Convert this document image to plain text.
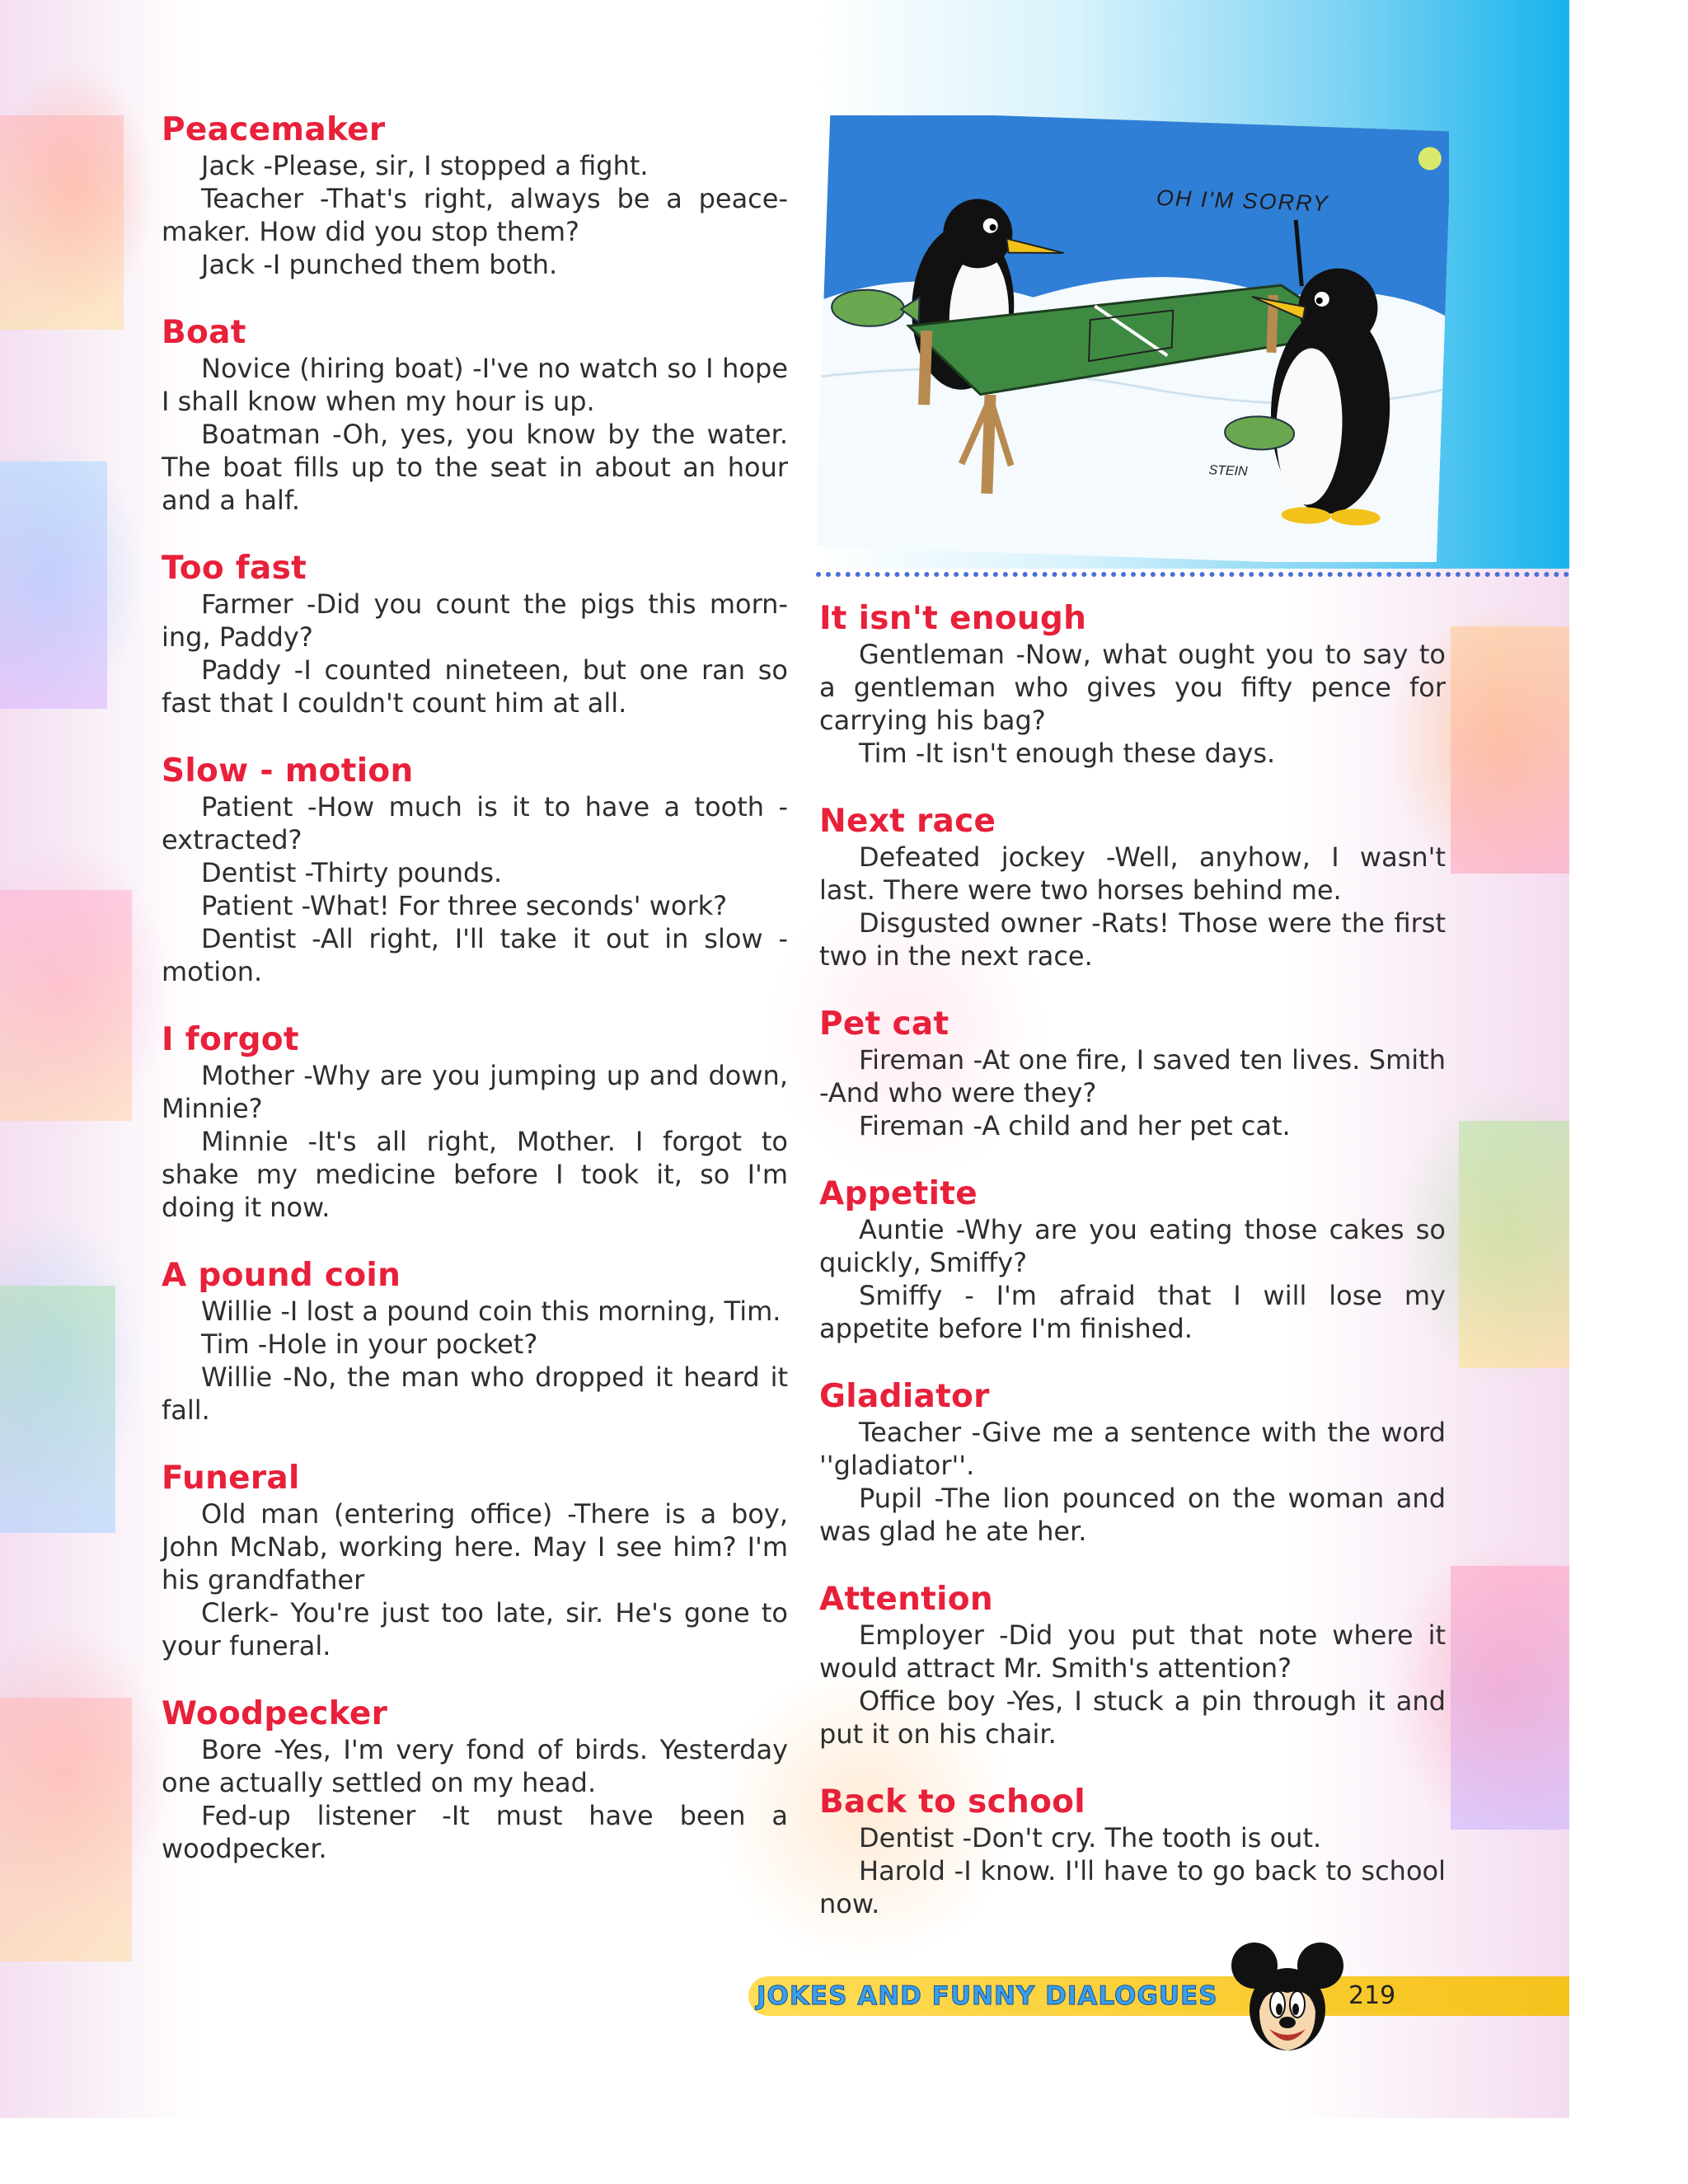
OH I'M SORRY
STEIN
Peacemaker

Jack -Please, sir, I stopped a fight.

Teacher -That's right, always be a peace-maker. How did you stop them?

Jack -I punched them both.

Boat

Novice (hiring boat) -I've no watch so I hope I shall know when my hour is up.

Boatman -Oh, yes, you know by the water. The boat fills up to the seat in about an hour and a half.

Too fast

Farmer -Did you count the pigs this morn-ing, Paddy?

Paddy -I counted nineteen, but one ran so fast that I couldn't count him at all.

Slow - motion

Patient -How much is it to have a tooth - extracted?

Dentist -Thirty pounds.

Patient -What! For three seconds' work?

Dentist -All right, I'll take it out in slow - motion.

I forgot

Mother -Why are you jumping up and down, Minnie?

Minnie -It's all right, Mother. I forgot to shake my medicine before I took it, so I'm doing it now.

A pound coin

Willie -I lost a pound coin this morning, Tim.

Tim -Hole in your pocket?

Willie -No, the man who dropped it heard it fall.

Funeral

Old man (entering office) -There is a boy, John McNab, working here. May I see him? I'm his grandfather

Clerk- You're just too late, sir. He's gone to your funeral.

Woodpecker

Bore -Yes, I'm very fond of birds. Yesterday one actually settled on my head.

Fed-up listener -It must have been a woodpecker.

It isn't enough

Gentleman -Now, what ought you to say to a gentleman who gives you fifty pence for carrying his bag?

Tim -It isn't enough these days.

Next race

Defeated jockey -Well, anyhow, I wasn't last. There were two horses behind me.

Disgusted owner -Rats! Those were the first two in the next race.

Pet cat

Fireman -At one fire, I saved ten lives. Smith -And who were they?

Fireman -A child and her pet cat.

Appetite

Auntie -Why are you eating those cakes so quickly, Smiffy?

Smiffy - I'm afraid that I will lose my appetite before I'm finished.

Gladiator

Teacher -Give me a sentence with the word ''gladiator''.

Pupil -The lion pounced on the woman and was glad he ate her.

Attention

Employer -Did you put that note where it would attract Mr. Smith's attention?

Office boy -Yes, I stuck a pin through it and put it on his chair.

Back to school

Dentist -Don't cry. The tooth is out.

Harold -I know. I'll have to go back to school now.

JOKES AND FUNNY DIALOGUES	219
